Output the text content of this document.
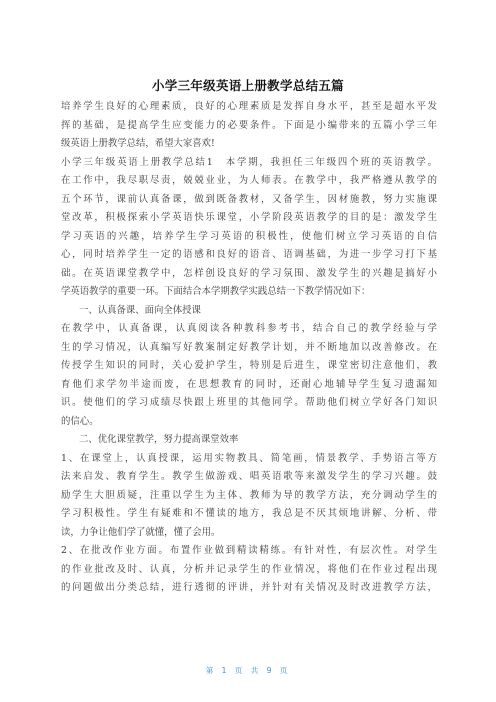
小学三年级英语上册教学总结五篇
培养学生良好的心理素质，良好的心理素质是发挥自身水平，甚至是超水平发
挥的基础，是提高学生应变能力的必要条件。下面是小编带来的五篇小学三年
级英语上册教学总结，希望大家喜欢!
小学三年级英语上册教学总结1　本学期，我担任三年级四个班的英语教学。
在工作中，我尽职尽责，兢兢业业，为人师表。在教学中，我严格遵从教学的
五个环节，课前认真备课，做到既备教材，又备学生，因材施教，努力实施课
堂改革，积极探索小学英语快乐课堂，小学阶段英语教学的目的是：激发学生
学习英语的兴趣，培养学生学习英语的积极性，使他们树立学习英语的自信
心，同时培养学生一定的语感和良好的语音、语调基础，为进一步学习打下基
础。在英语课堂教学中，怎样创设良好的学习氛围、激发学生的兴趣是搞好小
学英语教学的重要一环。下面结合本学期教学实践总结一下教学情况如下：
一、认真备课、面向全体授课
在教学中，认真备课，认真阅读各种教科参考书，结合自己的教学经验与学
生的学习情况，认真编写好教案制定好教学计划，并不断地加以改善修改。在
传授学生知识的同时，关心爱护学生，特别是后进生，课堂密切注意他们，教
育他们求学勿半途而废，在思想教育的同时，还耐心地辅导学生复习遗漏知
识。使他们的学习成绩尽快跟上班里的其他同学。帮助他们树立学好各门知识
的信心。
二、优化课堂教学，努力提高课堂效率
1、在课堂上，认真授课，运用实物教具、简笔画，情景教学、手势语言等方
法来启发、教育学生。教学生做游戏、唱英语歌等来激发学生的学习兴趣。鼓
励学生大胆质疑，注重以学生为主体、教师为导的教学方法，充分调动学生的
学习积极性。学生有疑难和不懂读的地方，我总是不厌其烦地讲解、分析、带
读，力争让他们学了就懂，懂了会用。
2、在批改作业方面。布置作业做到精读精练。有针对性，有层次性。对学生
的作业批改及时、认真，分析并记录学生的作业情况，将他们在作业过程出现
的问题做出分类总结，进行透彻的评讲，并针对有关情况及时改进教学方法，
第 1 页 共 9 页
